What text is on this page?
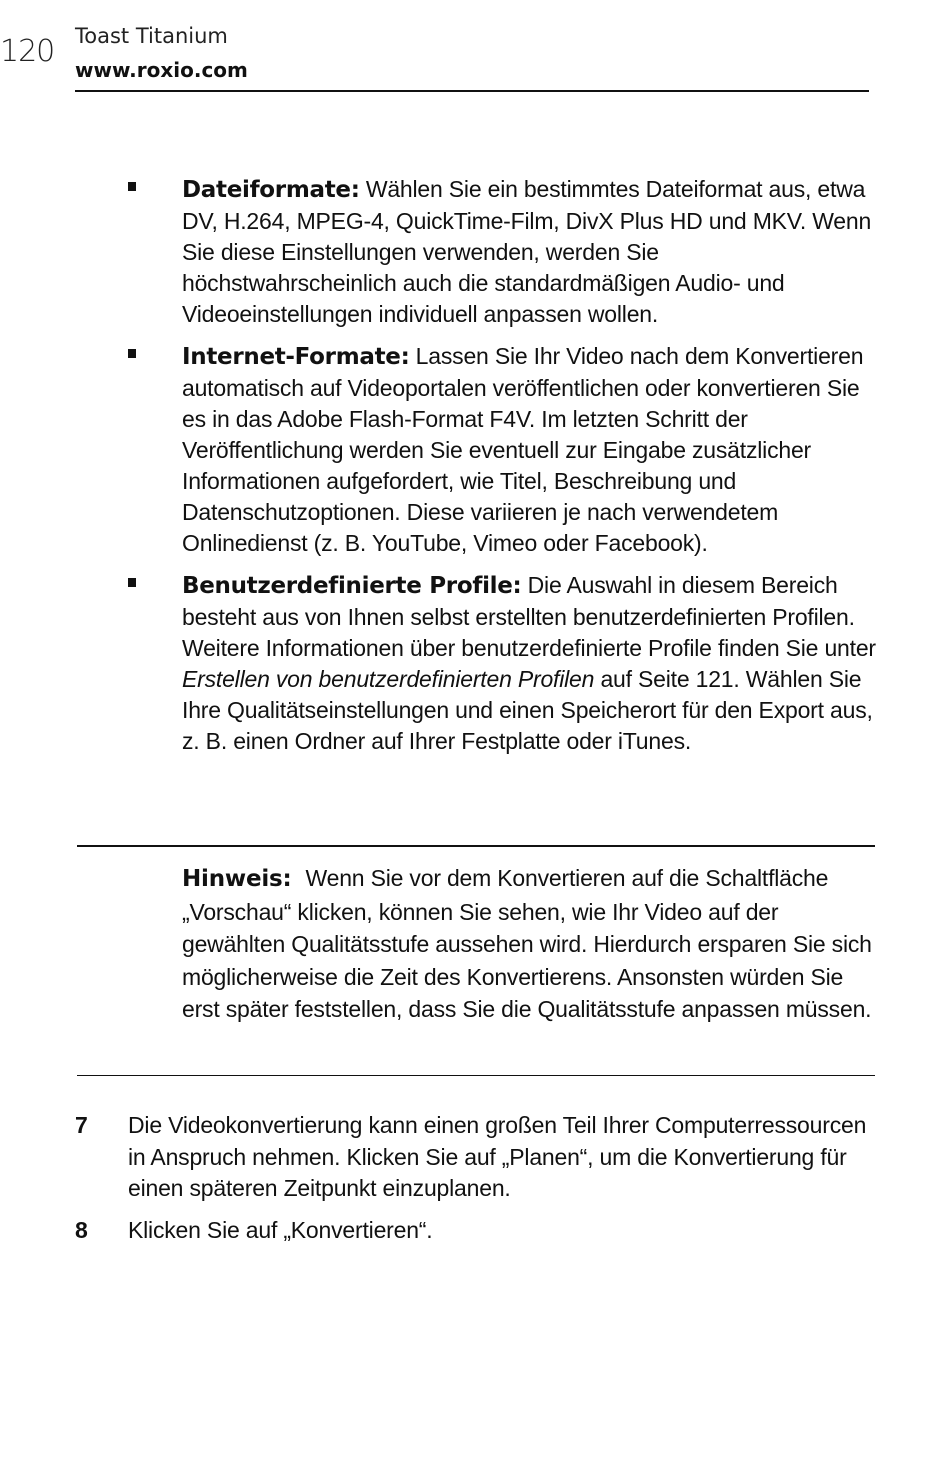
120 Toast Titanium
www.roxio.com
Dateiformate: Wählen Sie ein bestimmtes Dateiformat aus, etwa DV, H.264, MPEG-4, QuickTime-Film, DivX Plus HD und MKV. Wenn Sie diese Einstellungen verwenden, werden Sie höchstwahrscheinlich auch die standardmäßigen Audio- und Videoeinstellungen individuell anpassen wollen.
Internet-Formate: Lassen Sie Ihr Video nach dem Konvertieren automatisch auf Videoportalen veröffentlichen oder konvertieren Sie es in das Adobe Flash-Format F4V. Im letzten Schritt der Veröffentlichung werden Sie eventuell zur Eingabe zusätzlicher Informationen aufgefordert, wie Titel, Beschreibung und Datenschutzoptionen. Diese variieren je nach verwendetem Onlinedienst (z. B. YouTube, Vimeo oder Facebook).
Benutzerdefinierte Profile: Die Auswahl in diesem Bereich besteht aus von Ihnen selbst erstellten benutzerdefinierten Profilen. Weitere Informationen über benutzerdefinierte Profile finden Sie unter Erstellen von benutzerdefinierten Profilen auf Seite 121. Wählen Sie Ihre Qualitätseinstellungen und einen Speicherort für den Export aus, z. B. einen Ordner auf Ihrer Festplatte oder iTunes.
Hinweis: Wenn Sie vor dem Konvertieren auf die Schaltfläche „Vorschau“ klicken, können Sie sehen, wie Ihr Video auf der gewählten Qualitätsstufe aussehen wird. Hierdurch ersparen Sie sich möglicherweise die Zeit des Konvertierens. Ansonsten würden Sie erst später feststellen, dass Sie die Qualitätsstufe anpassen müssen.
7 Die Videokonvertierung kann einen großen Teil Ihrer Computerressourcen in Anspruch nehmen. Klicken Sie auf „Planen“, um die Konvertierung für einen späteren Zeitpunkt einzuplanen.
8 Klicken Sie auf „Konvertieren“.
